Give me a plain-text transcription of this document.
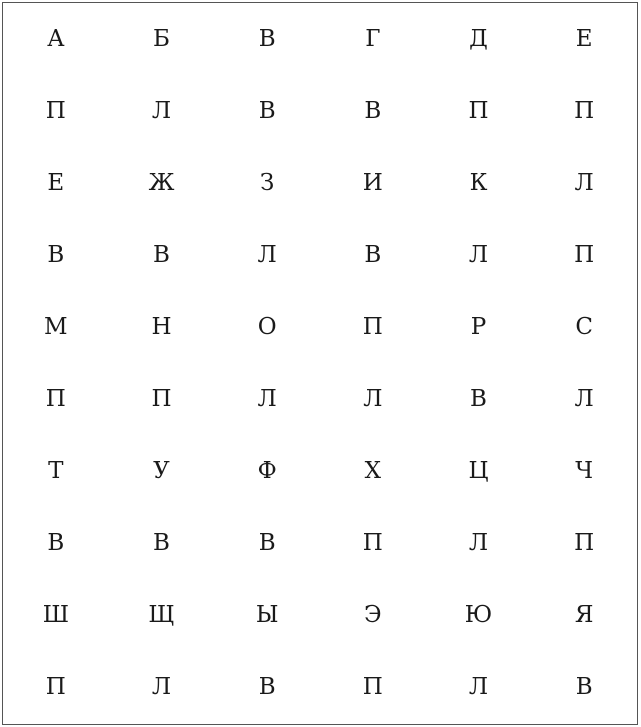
А	Б	В	Г	Д	Е
П	Л	В	В	П	П
Е	Ж	З	И	К	Л
В	В	Л	В	Л	П
М	Н	О	П	Р	С
П	П	Л	Л	В	Л
Т	У	Ф	Х	Ц	Ч
В	В	В	П	Л	П
Ш	Щ	Ы	Э	Ю	Я
П	Л	В	П	Л	В
